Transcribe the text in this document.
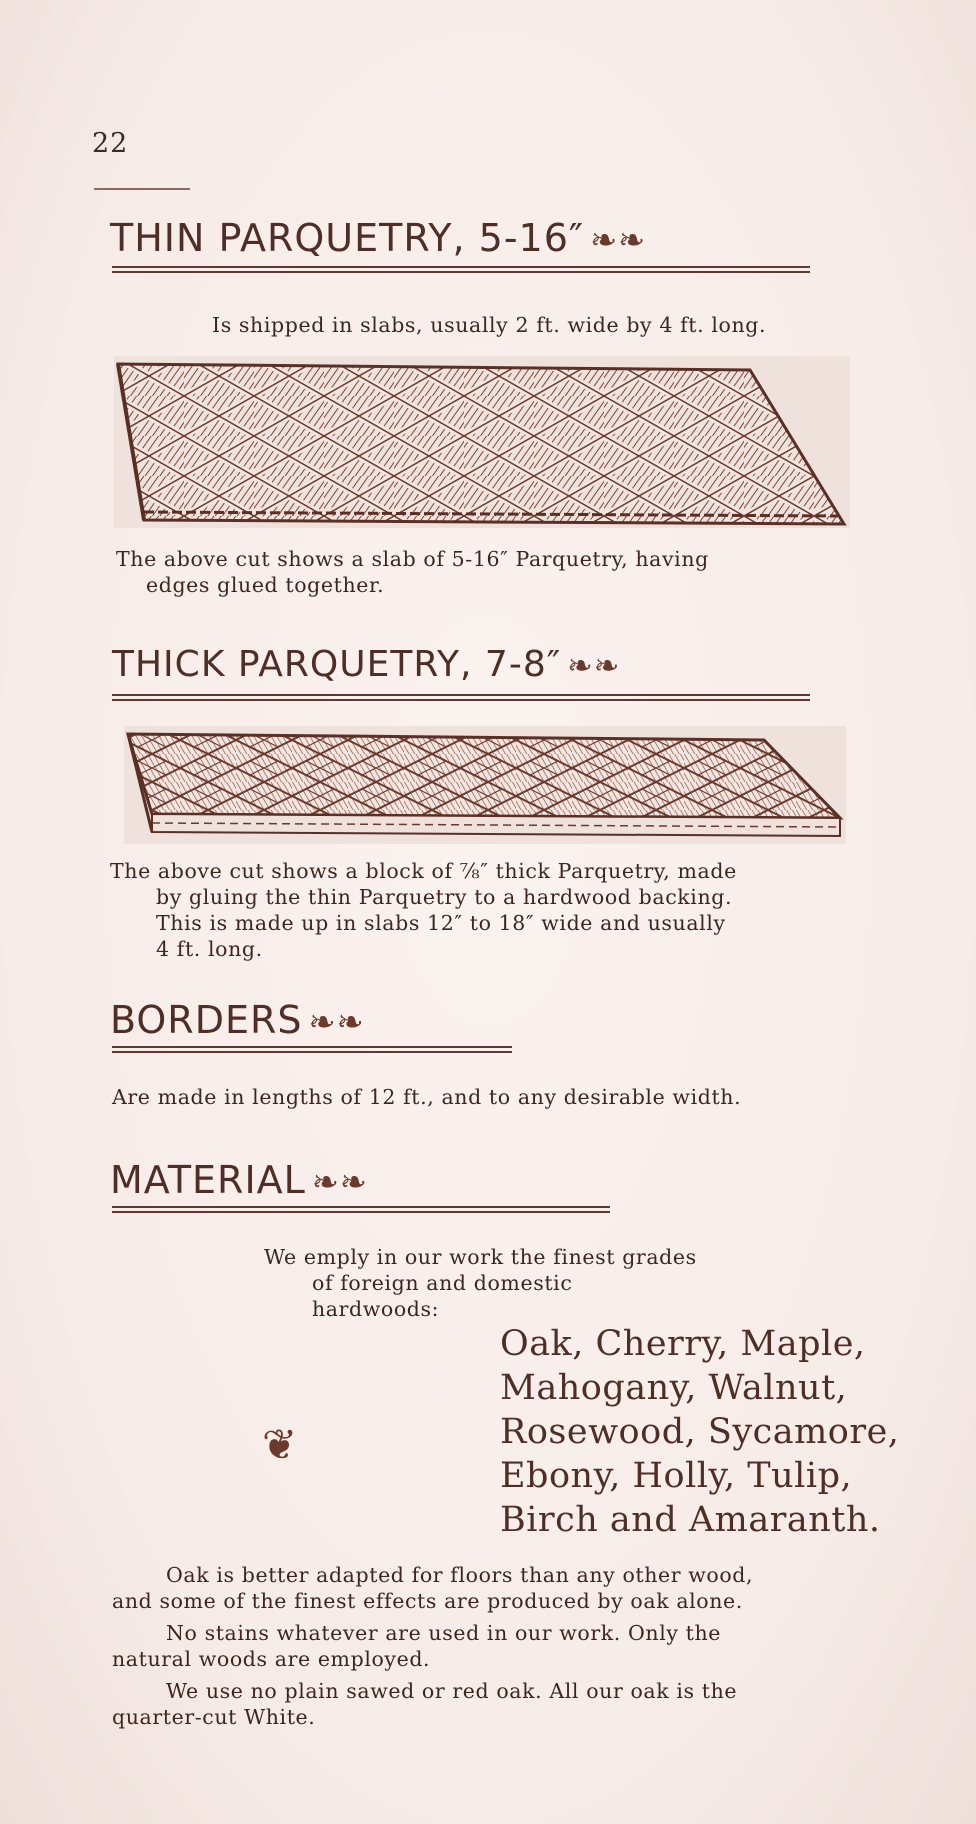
22
THIN PARQUETRY, 5-16″ ❧❧
Is shipped in slabs, usually 2 ft. wide by 4 ft. long.
The above cut shows a slab of 5-16″ Parquetry, having
edges glued together.
THICK PARQUETRY, 7-8″ ❧❧
The above cut shows a block of ⅞″ thick Parquetry, made
by gluing the thin Parquetry to a hardwood backing.
This is made up in slabs 12″ to 18″ wide and usually
4 ft. long.
BORDERS ❧❧
Are made in lengths of 12 ft., and to any desirable width.
MATERIAL ❧❧
We emply in our work the finest grades
of foreign and domestic
hardwoods:
❦
Oak, Cherry, Maple,
Mahogany, Walnut,
Rosewood, Sycamore,
Ebony, Holly, Tulip,
Birch and Amaranth.
Oak is better adapted for floors than any other wood,
and some of the finest effects are produced by oak alone.
No stains whatever are used in our work. Only the
natural woods are employed.
We use no plain sawed or red oak. All our oak is the
quarter-cut White.
